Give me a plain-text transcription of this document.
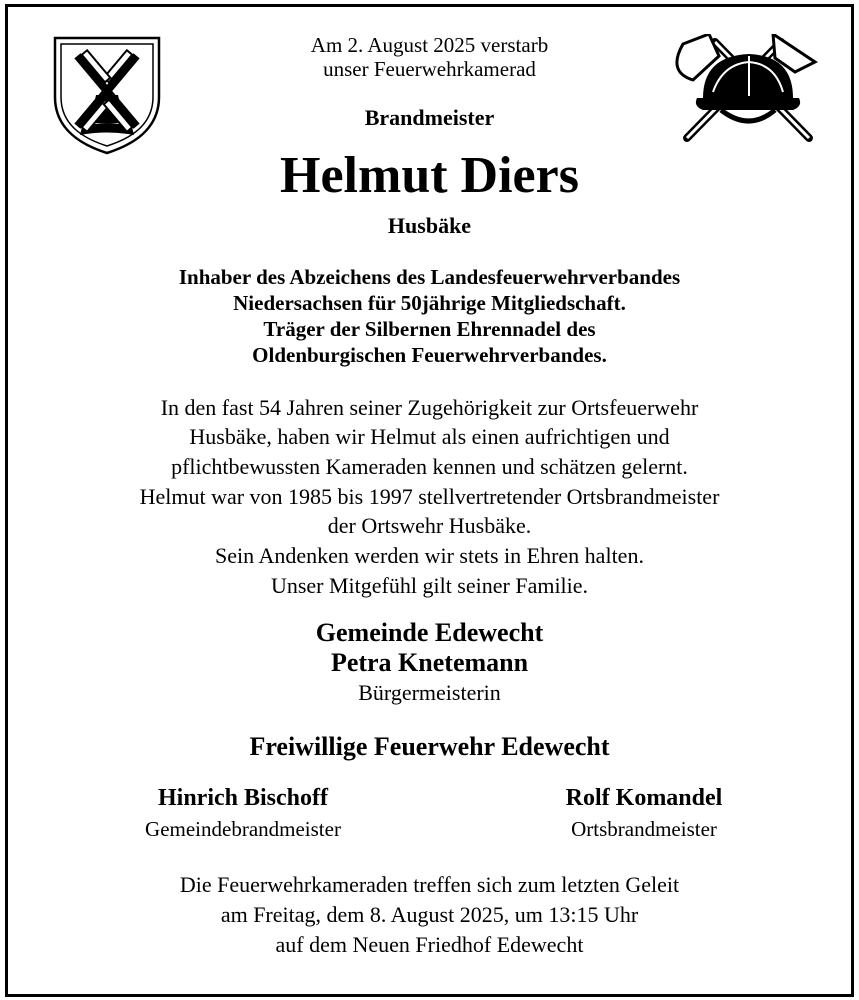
Am 2. August 2025 verstarb
unser Feuerwehrkamerad
Brandmeister
Helmut Diers
Husbäke
Inhaber des Abzeichens des Landesfeuerwehrverbandes
Niedersachsen für 50jährige Mitgliedschaft.
Träger der Silbernen Ehrennadel des
Oldenburgischen Feuerwehrverbandes.
In den fast 54 Jahren seiner Zugehörigkeit zur Ortsfeuerwehr
Husbäke, haben wir Helmut als einen aufrichtigen und
pflichtbewussten Kameraden kennen und schätzen gelernt.
Helmut war von 1985 bis 1997 stellvertretender Ortsbrandmeister
der Ortswehr Husbäke.
Sein Andenken werden wir stets in Ehren halten.
Unser Mitgefühl gilt seiner Familie.
Gemeinde Edewecht
Petra Knetemann
Bürgermeisterin
Freiwillige Feuerwehr Edewecht
Hinrich Bischoff
Gemeindebrandmeister
Rolf Komandel
Ortsbrandmeister
Die Feuerwehrkameraden treffen sich zum letzten Geleit
am Freitag, dem 8. August 2025, um 13:15 Uhr
auf dem Neuen Friedhof Edewecht
